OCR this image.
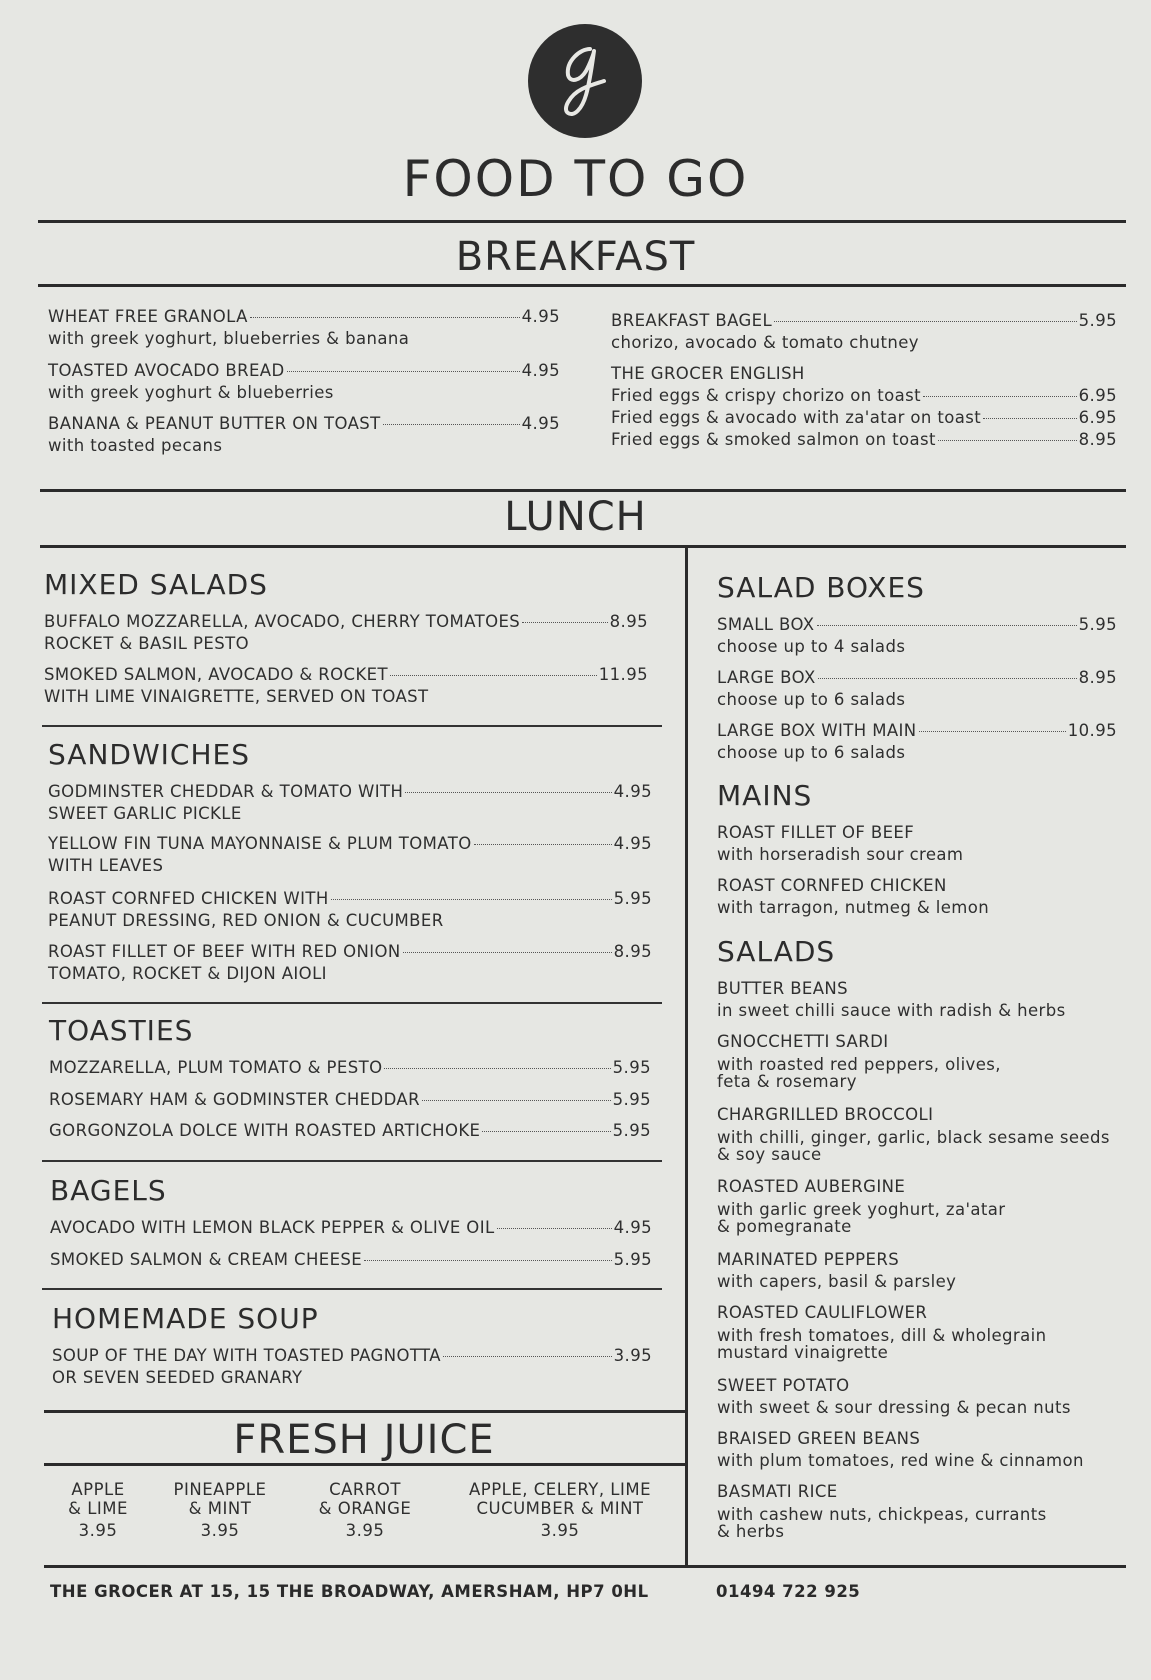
FOOD TO GO
BREAKFAST
WHEAT FREE GRANOLA	4.95
with greek yoghurt, blueberries & banana
TOASTED AVOCADO BREAD	4.95
with greek yoghurt & blueberries
BANANA & PEANUT BUTTER ON TOAST	4.95
with toasted pecans
BREAKFAST BAGEL	5.95
chorizo, avocado & tomato chutney
THE GROCER ENGLISH
Fried eggs & crispy chorizo on toast	6.95
Fried eggs & avocado with za'atar on toast	6.95
Fried eggs & smoked salmon on toast	8.95
LUNCH
MIXED SALADS
BUFFALO MOZZARELLA, AVOCADO, CHERRY TOMATOES	8.95
ROCKET & BASIL PESTO
SMOKED SALMON, AVOCADO & ROCKET	11.95
WITH LIME VINAIGRETTE, SERVED ON TOAST
SANDWICHES
GODMINSTER CHEDDAR & TOMATO WITH	4.95
SWEET GARLIC PICKLE
YELLOW FIN TUNA MAYONNAISE & PLUM TOMATO	4.95
WITH LEAVES
ROAST CORNFED CHICKEN WITH	5.95
PEANUT DRESSING, RED ONION & CUCUMBER
ROAST FILLET OF BEEF WITH RED ONION	8.95
TOMATO, ROCKET & DIJON AIOLI
TOASTIES
MOZZARELLA, PLUM TOMATO & PESTO	5.95
ROSEMARY HAM & GODMINSTER CHEDDAR	5.95
GORGONZOLA DOLCE WITH ROASTED ARTICHOKE	5.95
BAGELS
AVOCADO WITH LEMON BLACK PEPPER & OLIVE OIL	4.95
SMOKED SALMON & CREAM CHEESE	5.95
HOMEMADE SOUP
SOUP OF THE DAY WITH TOASTED PAGNOTTA	3.95
OR SEVEN SEEDED GRANARY
FRESH JUICE
APPLE
& LIME
3.95
PINEAPPLE
& MINT
3.95
CARROT
& ORANGE
3.95
APPLE, CELERY, LIME
CUCUMBER & MINT
3.95
SALAD BOXES
SMALL BOX	5.95
choose up to 4 salads
LARGE BOX	8.95
choose up to 6 salads
LARGE BOX WITH MAIN	10.95
choose up to 6 salads
MAINS
ROAST FILLET OF BEEF
with horseradish sour cream
ROAST CORNFED CHICKEN
with tarragon, nutmeg & lemon
SALADS
BUTTER BEANS
in sweet chilli sauce with radish & herbs
GNOCCHETTI SARDI
with roasted red peppers, olives,
feta & rosemary
CHARGRILLED BROCCOLI
with chilli, ginger, garlic, black sesame seeds
& soy sauce
ROASTED AUBERGINE
with garlic greek yoghurt, za'atar
& pomegranate
MARINATED PEPPERS
with capers, basil & parsley
ROASTED CAULIFLOWER
with fresh tomatoes, dill & wholegrain
mustard vinaigrette
SWEET POTATO
with sweet & sour dressing & pecan nuts
BRAISED GREEN BEANS
with plum tomatoes, red wine & cinnamon
BASMATI RICE
with cashew nuts, chickpeas, currants
& herbs
THE GROCER AT 15, 15 THE BROADWAY, AMERSHAM, HP7 0HL	01494 722 925
